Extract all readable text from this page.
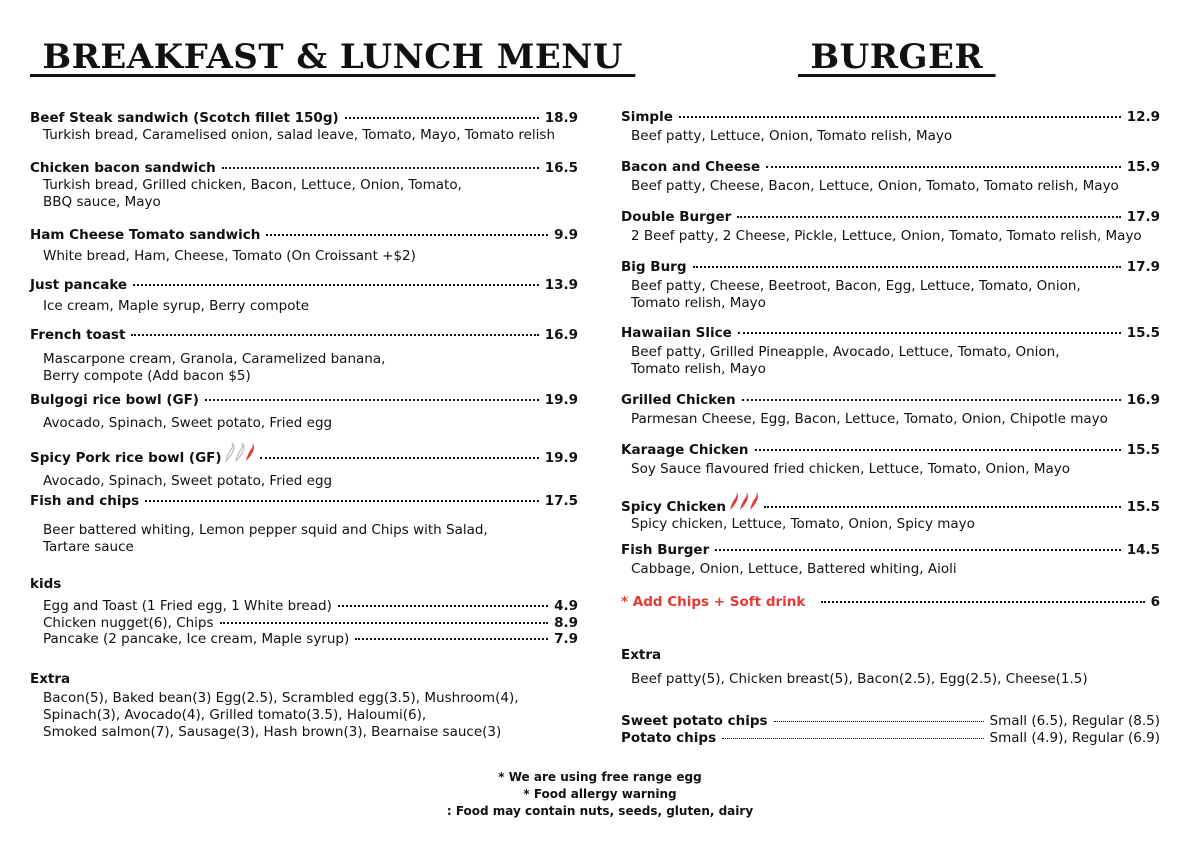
BREAKFAST & LUNCH MENU	BURGER
Beef Steak sandwich (Scotch fillet 150g)	18.9
Turkish bread, Caramelised onion, salad leave, Tomato, Mayo, Tomato relish
Chicken bacon sandwich	16.5
Turkish bread, Grilled chicken, Bacon, Lettuce, Onion, Tomato,
BBQ sauce, Mayo
Ham Cheese Tomato sandwich	9.9
White bread, Ham, Cheese, Tomato (On Croissant +$2)
Just pancake	13.9
Ice cream, Maple syrup, Berry compote
French toast	16.9
Mascarpone cream, Granola, Caramelized banana,
Berry compote (Add bacon $5)
Bulgogi rice bowl (GF)	19.9
Avocado, Spinach, Sweet potato, Fried egg
Spicy Pork rice bowl (GF)	19.9
Avocado, Spinach, Sweet potato, Fried egg
Fish and chips	17.5
Beer battered whiting, Lemon pepper squid and Chips with Salad,
Tartare sauce
kids
Egg and Toast (1 Fried egg, 1 White bread)	4.9
Chicken nugget(6), Chips	8.9
Pancake (2 pancake, Ice cream, Maple syrup)	7.9
Extra
Bacon(5), Baked bean(3) Egg(2.5), Scrambled egg(3.5), Mushroom(4),
Spinach(3), Avocado(4), Grilled tomato(3.5), Haloumi(6),
Smoked salmon(7), Sausage(3), Hash brown(3), Bearnaise sauce(3)
Simple	12.9
Beef patty, Lettuce, Onion, Tomato relish, Mayo
Bacon and Cheese	15.9
Beef patty, Cheese, Bacon, Lettuce, Onion, Tomato, Tomato relish, Mayo
Double Burger	17.9
2 Beef patty, 2 Cheese, Pickle, Lettuce, Onion, Tomato, Tomato relish, Mayo
Big Burg	17.9
Beef patty, Cheese, Beetroot, Bacon, Egg, Lettuce, Tomato, Onion,
Tomato relish, Mayo
Hawaiian Slice	15.5
Beef patty, Grilled Pineapple, Avocado, Lettuce, Tomato, Onion,
Tomato relish, Mayo
Grilled Chicken	16.9
Parmesan Cheese, Egg, Bacon, Lettuce, Tomato, Onion, Chipotle mayo
Karaage Chicken	15.5
Soy Sauce flavoured fried chicken, Lettuce, Tomato, Onion, Mayo
Spicy Chicken	15.5
Spicy chicken, Lettuce, Tomato, Onion, Spicy mayo
Fish Burger	14.5
Cabbage, Onion, Lettuce, Battered whiting, Aioli
* Add Chips + Soft drink	6
Extra
Beef patty(5), Chicken breast(5), Bacon(2.5), Egg(2.5), Cheese(1.5)
Sweet potato chips	Small (6.5), Regular (8.5)
Potato chips	Small (4.9), Regular (6.9)
* We are using free range egg
* Food allergy warning
: Food may contain nuts, seeds, gluten, dairy
